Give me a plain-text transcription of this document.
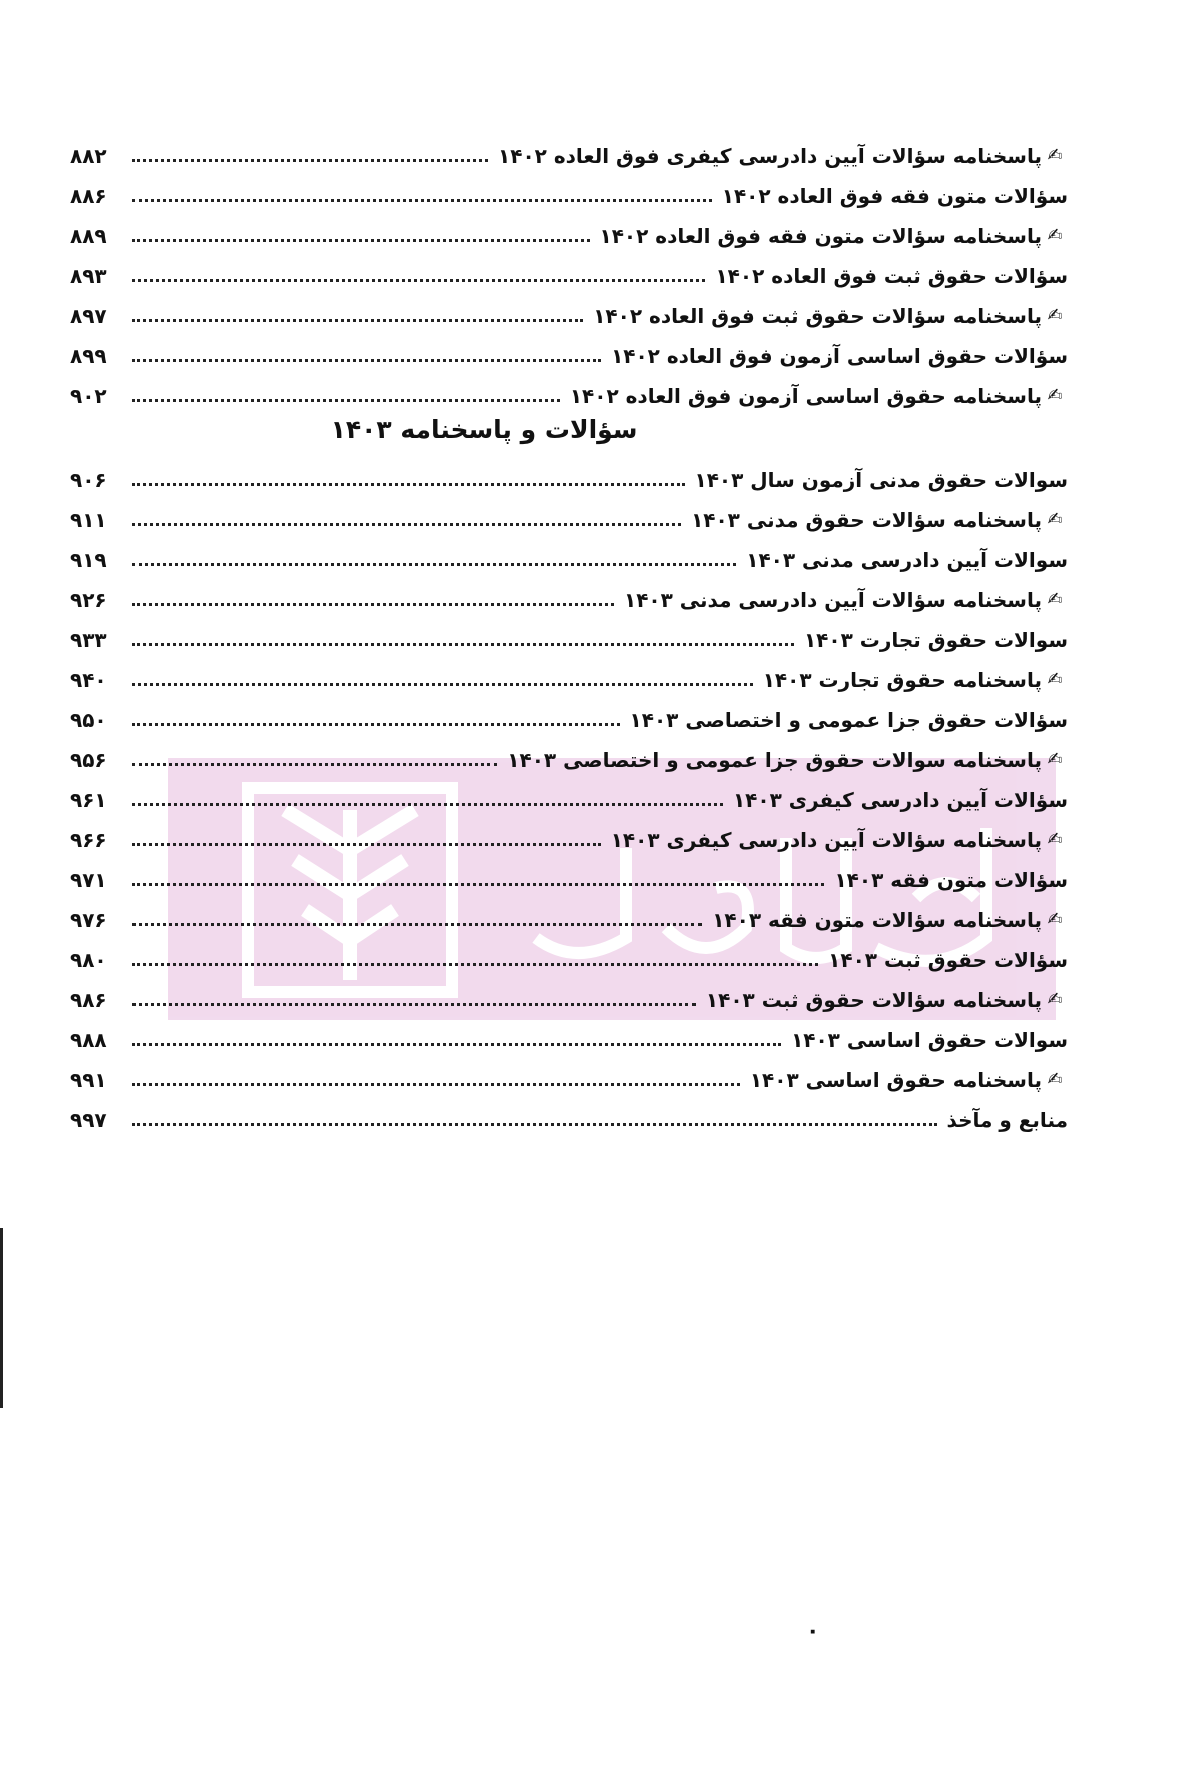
✍
پاسخنامه سؤالات آیین دادرسی کیفری فوق العاده ۱۴۰۲
۸۸۲
سؤالات متون فقه فوق العاده ۱۴۰۲
۸۸۶
✍
پاسخنامه سؤالات متون فقه فوق العاده ۱۴۰۲
۸۸۹
سؤالات حقوق ثبت فوق العاده ۱۴۰۲
۸۹۳
✍
پاسخنامه سؤالات حقوق ثبت فوق العاده ۱۴۰۲
۸۹۷
سؤالات حقوق اساسی آزمون فوق العاده ۱۴۰۲
۸۹۹
✍
پاسخنامه حقوق اساسی آزمون فوق العاده ۱۴۰۲
۹۰۲
سؤالات و پاسخنامه ۱۴۰۳
سوالات حقوق مدنی آزمون سال ۱۴۰۳
۹۰۶
✍
پاسخنامه سؤالات حقوق مدنی ۱۴۰۳
۹۱۱
سوالات آیین دادرسی مدنی ۱۴۰۳
۹۱۹
✍
پاسخنامه سؤالات آیین دادرسی مدنی ۱۴۰۳
۹۲۶
سوالات حقوق تجارت ۱۴۰۳
۹۳۳
✍
پاسخنامه حقوق تجارت ۱۴۰۳
۹۴۰
سؤالات حقوق جزا عمومی و اختصاصی ۱۴۰۳
۹۵۰
✍
پاسخنامه سوالات حقوق جزا عمومی و اختصاصی ۱۴۰۳
۹۵۶
سؤالات آیین دادرسی کیفری ۱۴۰۳
۹۶۱
✍
پاسخنامه سؤالات آیین دادرسی کیفری ۱۴۰۳
۹۶۶
سؤالات متون فقه ۱۴۰۳
۹۷۱
✍
پاسخنامه سؤالات متون فقه ۱۴۰۳
۹۷۶
سؤالات حقوق ثبت ۱۴۰۳
۹۸۰
✍
پاسخنامه سؤالات حقوق ثبت ۱۴۰۳
۹۸۶
سوالات حقوق اساسی ۱۴۰۳
۹۸۸
✍
پاسخنامه حقوق اساسی ۱۴۰۳
۹۹۱
منابع و مآخذ
۹۹۷
۰
